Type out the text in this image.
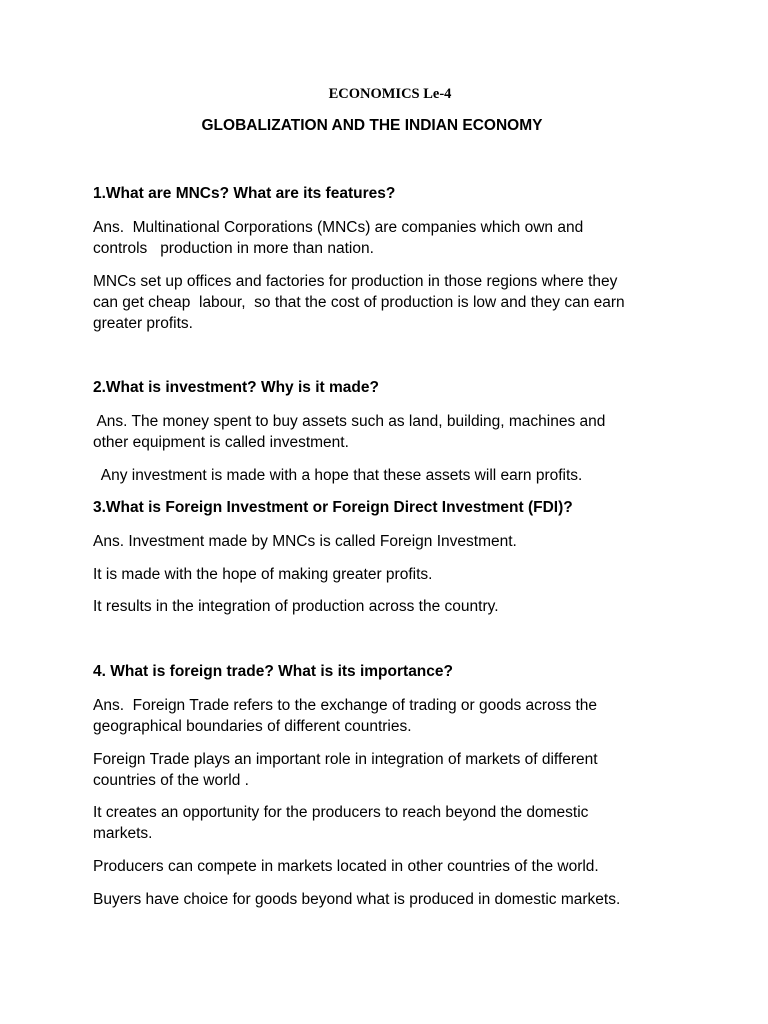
ECONOMICS Le-4
GLOBALIZATION AND THE INDIAN ECONOMY
1.What are MNCs? What are its features?
Ans.  Multinational Corporations (MNCs) are companies which own and
controls   production in more than nation.
MNCs set up offices and factories for production in those regions where they
can get cheap  labour,  so that the cost of production is low and they can earn
greater profits.
2.What is investment? Why is it made?
Ans. The money spent to buy assets such as land, building, machines and
other equipment is called investment.
Any investment is made with a hope that these assets will earn profits.
3.What is Foreign Investment or Foreign Direct Investment (FDI)?
Ans. Investment made by MNCs is called Foreign Investment.
It is made with the hope of making greater profits.
It results in the integration of production across the country.
4. What is foreign trade? What is its importance?
Ans.  Foreign Trade refers to the exchange of trading or goods across the
geographical boundaries of different countries.
Foreign Trade plays an important role in integration of markets of different
countries of the world .
It creates an opportunity for the producers to reach beyond the domestic
markets.
Producers can compete in markets located in other countries of the world.
Buyers have choice for goods beyond what is produced in domestic markets.
